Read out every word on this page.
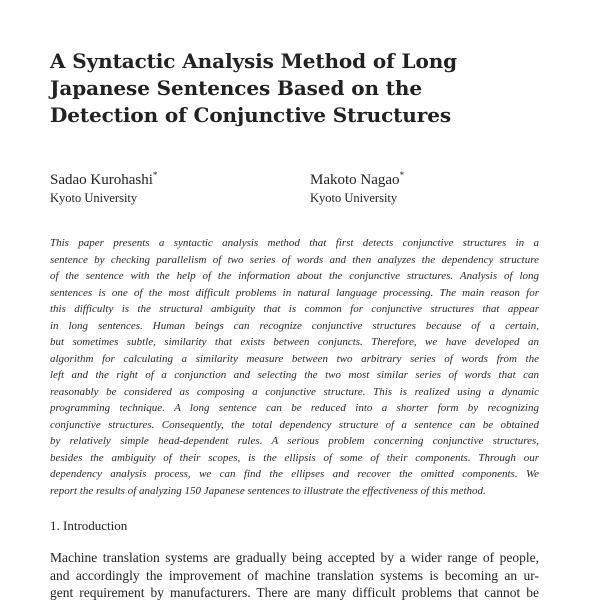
A Syntactic Analysis Method of Long
Japanese Sentences Based on the
Detection of Conjunctive Structures
Sadao Kurohashi*
Kyoto University
Makoto Nagao*
Kyoto University
This paper presents a syntactic analysis method that first detects conjunctive structures in a
sentence by checking parallelism of two series of words and then analyzes the dependency structure
of the sentence with the help of the information about the conjunctive structures. Analysis of long
sentences is one of the most difficult problems in natural language processing. The main reason for
this difficulty is the structural ambiguity that is common for conjunctive structures that appear
in long sentences. Human beings can recognize conjunctive structures because of a certain,
but sometimes subtle, similarity that exists between conjuncts. Therefore, we have developed an
algorithm for calculating a similarity measure between two arbitrary series of words from the
left and the right of a conjunction and selecting the two most similar series of words that can
reasonably be considered as composing a conjunctive structure. This is realized using a dynamic
programming technique. A long sentence can be reduced into a shorter form by recognizing
conjunctive structures. Consequently, the total dependency structure of a sentence can be obtained
by relatively simple head-dependent rules. A serious problem concerning conjunctive structures,
besides the ambiguity of their scopes, is the ellipsis of some of their components. Through our
dependency analysis process, we can find the ellipses and recover the omitted components. We
report the results of analyzing 150 Japanese sentences to illustrate the effectiveness of this method.
1. Introduction
Machine translation systems are gradually being accepted by a wider range of people,
and accordingly the improvement of machine translation systems is becoming an ur-
gent requirement by manufacturers. There are many difficult problems that cannot be
